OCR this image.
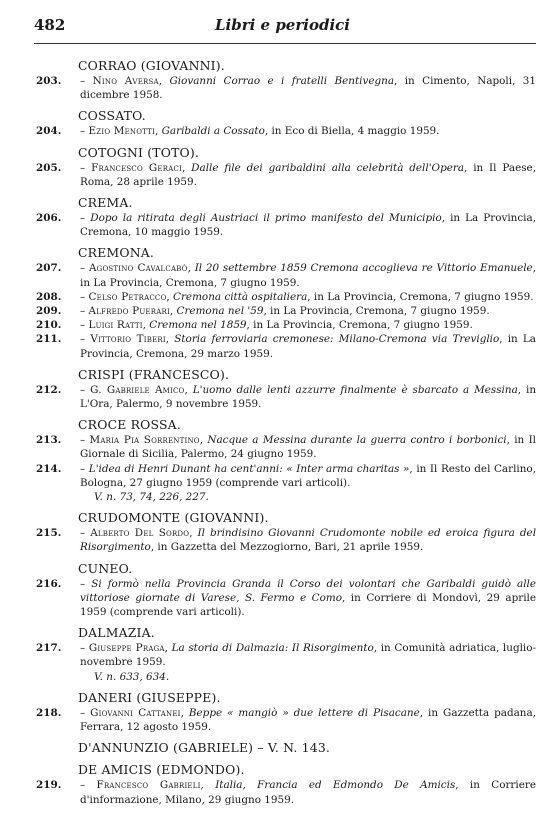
482	Libri e periodici
CORRAO (GIOVANNI).
203. – Nino Aversa, Giovanni Corrao e i fratelli Bentivegna, in Cimento, Napoli, 31 dicembre 1958.
COSSATO.
204. – Ezio Menotti, Garibaldi a Cossato, in Eco di Biella, 4 maggio 1959.
COTOGNI (TOTO).
205. – Francesco Geraci, Dalle file dei garibaldini alla celebrità dell'Opera, in Il Paese, Roma, 28 aprile 1959.
CREMA.
206. – Dopo la ritirata degli Austriaci il primo manifesto del Municipio, in La Provincia, Cremona, 10 maggio 1959.
CREMONA.
207. – Agostino Cavalcabò, Il 20 settembre 1859 Cremona accoglieva re Vittorio Emanuele, in La Provincia, Cremona, 7 giugno 1959.
208. – Celso Petracco, Cremona città ospitaliera, in La Provincia, Cremona, 7 giugno 1959.
209. – Alfredo Puerari, Cremona nel '59, in La Provincia, Cremona, 7 giugno 1959.
210. – Luigi Ratti, Cremona nel 1859, in La Provincia, Cremona, 7 giugno 1959.
211. – Vittorio Tiberi, Storia ferroviaria cremonese: Milano-Cremona via Treviglio, in La Provincia, Cremona, 29 marzo 1959.
CRISPI (FRANCESCO).
212. – G. Gabriele Amico, L'uomo dalle lenti azzurre finalmente è sbarcato a Messina, in L'Ora, Palermo, 9 novembre 1959.
CROCE ROSSA.
213. – Maria Pia Sorrentino, Nacque a Messina durante la guerra contro i borbonici, in Il Giornale di Sicilia, Palermo, 24 giugno 1959.
214. – L'idea di Henri Dunant ha cent'anni: « Inter arma charitas », in Il Resto del Carlino, Bologna, 27 giugno 1959 (comprende vari articoli).
V. n. 73, 74, 226, 227.
CRUDOMONTE (GIOVANNI).
215. – Alberto Del Sordo, Il brindisino Giovanni Crudomonte nobile ed eroica figura del Risorgimento, in Gazzetta del Mezzogiorno, Bari, 21 aprile 1959.
CUNEO.
216. – Si formò nella Provincia Granda il Corso dei volontari che Garibaldi guidò alle vittoriose giornate di Varese, S. Fermo e Como, in Corriere di Mondovì, 29 aprile 1959 (comprende vari articoli).
DALMAZIA.
217. – Giuseppe Praga, La storia di Dalmazia: Il Risorgimento, in Comunità adriatica, luglio-novembre 1959.
V. n. 633, 634.
DANERI (GIUSEPPE).
218. – Giovanni Cattanei, Beppe « mangiò » due lettere di Pisacane, in Gazzetta padana, Ferrara, 12 agosto 1959.
D'ANNUNZIO (GABRIELE) – V. N. 143.
DE AMICIS (EDMONDO).
219. – Francesco Gabrieli, Italia, Francia ed Edmondo De Amicis, in Corriere d'informazione, Milano, 29 giugno 1959.
